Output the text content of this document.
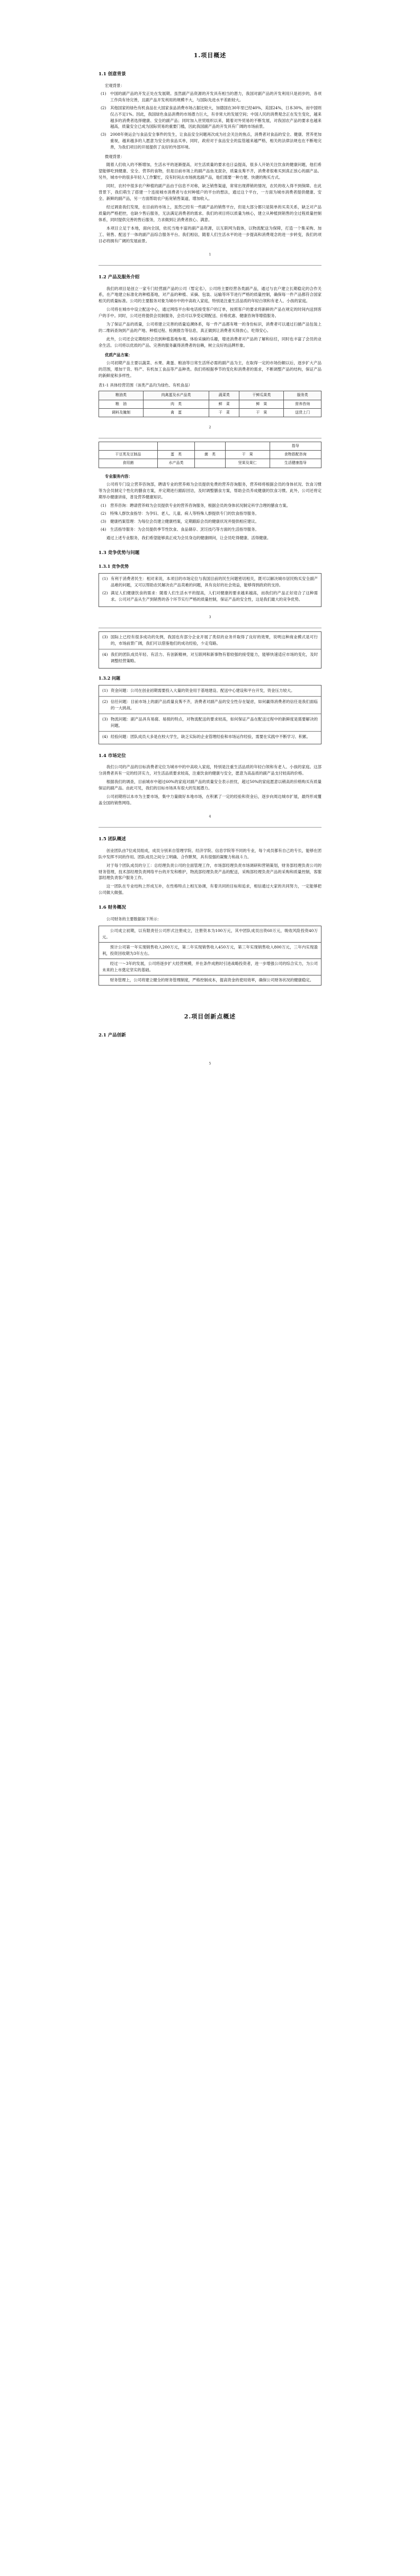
1.项目概述
1.1 创意背景

宏观背景：

(1) 中国的副产品的开发正处在发展期。虽然副产品资源的开发具有相当的潜力，我国对副产品的开发利用只是初步的，各项工作尚有待完善，且副产品开发利用的规模不大，与国际先进水平差距较大。
(2) 其他国家的绿色有机食品在大国家食品消费市场占据比较大，加德国在30年里已经40%，美国24%，日本30%，而中国则仅占不足1%。因此，我国绿色食品消费的市场潜力巨大，有非常大的发展空间；中国人民的消费观念正在发生变化，越来越多的消费者选择健康、安全的副产品；同时加入世贸组织以来，随着对外贸易的不断发展，对我国农产品的要求也越来越高，质量安全已成为国际贸易的重要门槛，因此我国副产品的开发具有广阔的市场前景。
(3) 2008年奥运会与食品安全事件的发生，让食品安全问题再次成为社会关注的焦点，消费者对食品的安全、健康、营养更加重视，越来越多的人愿意为安全的食品买单，同时，政府对于食品安全的监管越来越严格，相关的法律法规也在不断地完善，为我们项目的开展提供了良好的外部环境。

微观背景：

随着人们收入的不断增加，生活水平的逐渐提高，对生活质量的要求也日益提高，很多人开始关注饮食的健康问题，他们希望能够吃到健康、安全、营养的食物，但是目前市场上的副产品鱼龙混杂，质量良莠不齐，消费者很难买到真正放心的副产品。另外，城市中的很多年轻人工作繁忙，没有时间去市场挑选副产品，他们需要一种方便、快捷的购买方式。

同时，农村中很多农户种植的副产品由于信息不对称，缺乏销售渠道，常常出现滞销的情况，农民的收入得不到保障。在此背景下，我们萌生了搭建一个连接城市消费者与农村种植户的平台的想法，通过这个平台，一方面为城市消费者提供健康、安全、新鲜的副产品，另一方面帮助农户拓宽销售渠道，增加收入。

经过调查我们发现，在目前的市场上，虽然已经有一些副产品的销售平台，但是大部分都只是简单的买卖关系，缺乏对产品质量的严格把控，也缺少售后服务，无法满足消费者的需求。我们的项目将以质量为核心，建立从种植到销售的全过程质量控制体系，同时提供完善的售后服务，力求做到让消费者放心、满意。

本项目立足于本地，面向全国，依托当地丰富的副产品资源，以互联网为载体，以物流配送为保障，打造一个集采购、加工、销售、配送于一体的副产品综合服务平台。我们相信，随着人们生活水平的进一步提高和消费观念的进一步转变，我们的项目必将拥有广阔的发展前景。

1
1.2 产品及服务介绍

我们的项目是创立一家专门经营副产品的公司（暂定名），公司将主要经营各类副产品，通过与农户建立长期稳定的合作关系，在产地建立标准化的种植基地，对产品的种植、采摘、包装、运输等环节进行严格的质量控制，确保每一件产品都符合国家相关的质量标准。公司的主要服务对象为城市中的中高收入家庭，特别是注重生活品质的年轻白领和有老人、小孩的家庭。

公司将在城市中设立配送中心，通过网络平台和电话接受客户的订单，按照客户的要求将新鲜的产品在规定的时间内送到客户的手中。同时，公司还将提供会员制服务，会员可以享受定期配送、价格优惠、健康咨询等增值服务。

为了保证产品的质量，公司将建立完善的质量追溯体系，每一件产品都有唯一的身份标识，消费者可以通过扫描产品包装上的二维码查询到产品的产地、种植过程、检测报告等信息，真正做到让消费者买得放心，吃得安心。

此外，公司还会定期组织会员到种植基地参观、体验采摘的乐趣，增进消费者对产品的了解和信任，同时也丰富了会员的业余生活。公司将以优质的产品、完善的服务赢得消费者的信赖，树立良好的品牌形象。

优质产品方案：

公司初期产品主要以蔬菜、水果、禽蛋、粮油等日常生活所必需的副产品为主，在取得一定的市场份额以后，逐步扩大产品的范围，增加干货、特产、有机加工食品等产品种类。我们将根据季节的变化和消费者的需求，不断调整产品的结构，保证产品的新鲜度和多样性。

表1-1 具体经营范围（该类产品均为绿色、有机食品）

粮油类	肉禽蛋及水产品类	蔬菜类	干鲜瓜果类	服务类
粮　油	肉　类	鲜　菜	鲜　果	营养咨询
调料及腌制	禽　蛋	干　菜	干　果	送货上门
2
				指导
干豆类及豆制品	蛋　类	菌　类	干　果	食物搭配咨询
食用菌	水产品类		坚果及果仁	生活健康指导

专业服务内容：

公司将专门设立营养咨询部，聘请专业的营养师为会员提供免费的营养咨询服务，营养师将根据会员的身体状况、饮食习惯等为会员制定个性化的膳食方案，并定期进行跟踪回访，及时调整膳食方案，帮助会员养成健康的饮食习惯。此外，公司还将定期举办健康讲座，普及营养健康知识。

(1) 营养咨询：聘请营养师为会员提供专业的营养咨询服务，根据会员的身体状况制定科学合理的膳食方案。
(2) 特殊人群饮食指导：为孕妇、老人、儿童、病人等特殊人群提供专门的饮食指导服务。
(3) 健康档案管理：为每位会员建立健康档案，定期跟踪会员的健康状况并提供相应建议。
(4) 生活指导服务：为会员提供季节性饮食、食品储存、烹饪技巧等方面的生活指导服务。

通过上述专业服务，我们希望能够真正成为会员身边的健康顾问，让会员吃得健康、活得健康。

1.3 竞争优势与问题
1.3.1 竞争优势
(1) 有利于消费者民生：相对来说，本项目的市场定位与我国目前的民生问题密切相关，既可以解决城市居民购买安全副产品难的问题，又可以帮助农民解决农产品卖难的问题，具有良好的社会效益，能够得到政府的支持。
(2) 满足人们健康饮食的需求：随着人们生活水平的提高，人们对健康的要求越来越高，而我们的产品正好迎合了这种需求。公司对产品从生产到销售的各个环节实行严格的质量控制，保证产品的安全性，这是我们最大的竞争优势。
3
(3) 国际上已经有很多成功的先例，我国也有部分企业开展了类似的业务并取得了良好的效果，说明这种商业模式是可行的，市场前景广阔，我们可以借鉴他们的成功经验，少走弯路。
(4) 我们的团队成员年轻、有活力、有创新精神，对互联网和新事物有着较强的接受能力，能够快速适应市场的变化，及时调整经营策略。
1.3.2 问题
(1) 资金问题：公司在创业初期需要投入大量的资金用于基地建设、配送中心建设和平台开发，资金压力较大。
(2) 信任问题：目前市场上的副产品质量良莠不齐，消费者对副产品的安全性存在疑虑，如何赢得消费者的信任是我们面临的一大挑战。
(3) 物流问题：副产品具有易腐、易损的特点，对物流配送的要求较高，如何保证产品在配送过程中的新鲜度是需要解决的问题。
(4) 经验问题：团队成员大多是在校大学生，缺乏实际的企业管理经验和市场运作经验，需要在实践中不断学习、积累。
1.4 市场定位

我们公司的产品的目标消费者定位为城市中的中高收入家庭，特别是注重生活品质的年轻白领和有老人、小孩的家庭。这部分消费者具有一定的经济实力，对生活品质要求较高，注重饮食的健康与安全，愿意为高品质的副产品支付较高的价格。

根据我们的调查，目前城市中超过60%的家庭对副产品的质量安全表示担忧，超过50%的家庭愿意以稍高的价格购买有质量保证的副产品。由此可见，我们的目标市场具有很大的发展潜力。

公司初期将以本市为主要市场，集中力量做好本地市场，在积累了一定的经验和资金后，逐步向周边城市扩展，最终形成覆盖全国的销售网络。

4
1.5 团队概述

创业团队由7位成员组成，成员分别来自管理学院、经济学院、信息学院等不同的专业，每个成员都有自己的专长，能够在团队中发挥不同的作用。团队成员之间分工明确、合作默契，具有很强的凝聚力和战斗力。

对于每个团队成员的分工：总经理负责公司的全面管理工作，市场部经理负责市场调研和营销策划，财务部经理负责公司的财务管理，技术部经理负责网络平台的开发和维护，物流部经理负责产品的配送，采购部经理负责产品的采购和质量控制，客服部经理负责客户服务工作。

这一团队在专业结构上形成互补，在性格特点上相互协调，有着共同的目标和追求，相信通过大家的共同努力，一定能够把公司做大做强。

1.6 财务概况

公司财务的主要数据如下所示：

公司成立初期，以有限责任公司形式注册成立，注册资本为100万元，其中团队成员出资60万元，吸收风险投资40万元。
预计公司第一年实现销售收入200万元，第二年实现销售收入450万元，第三年实现销售收入800万元，三年内实现盈利，投资回收期为3年左右。
经过一～3年的发展，公司将逐步扩大经营规模，并在条件成熟时引进战略投资者，进一步增强公司的综合实力，为公司未来的上市奠定坚实的基础。
财务管理上，公司将建立健全的财务管理制度，严格控制成本，提高资金的使用效率，确保公司财务状况的健康稳定。
2.项目创新点概述
2.1 产品创新
5
